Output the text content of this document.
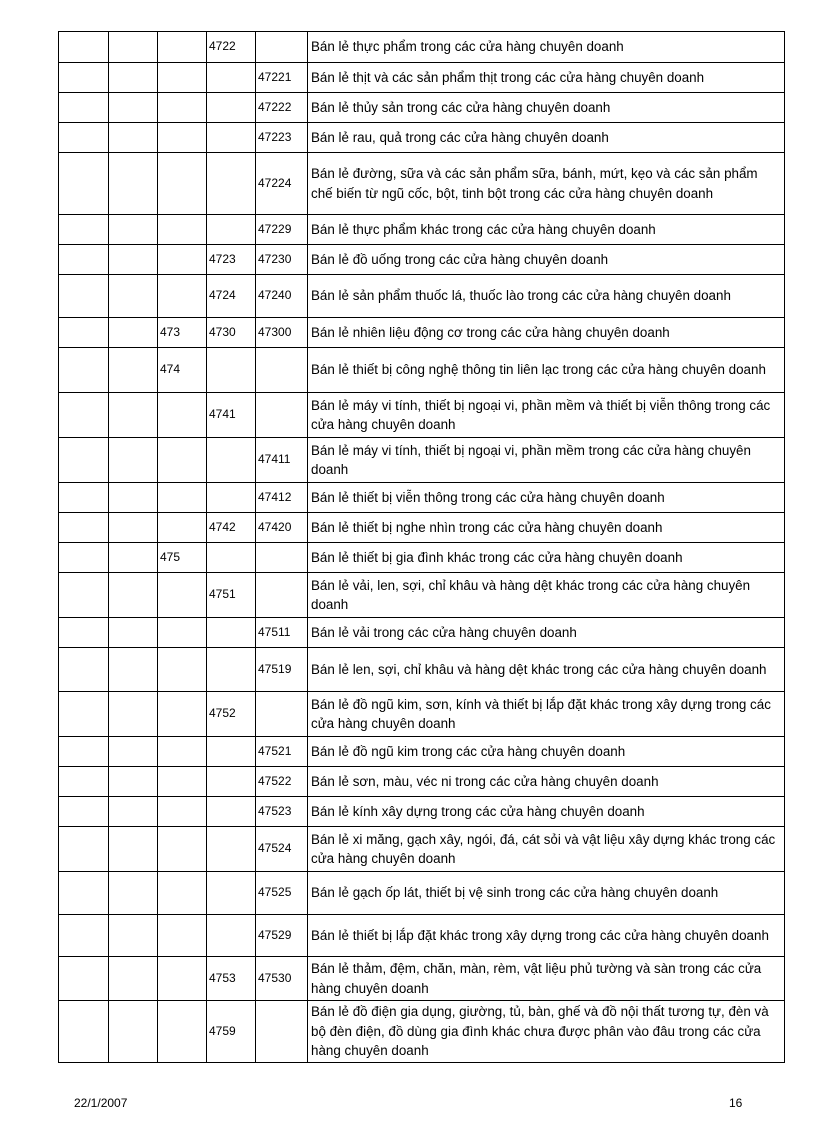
			4722		Bán lẻ thực phẩm trong các cửa hàng chuyên doanh
				47221	Bán lẻ thịt và các sản phẩm thịt trong các cửa hàng chuyên doanh
				47222	Bán lẻ thủy sản trong các cửa hàng chuyên doanh
				47223	Bán lẻ rau, quả trong các cửa hàng chuyên doanh
				47224	Bán lẻ đường, sữa và các sản phẩm sữa, bánh, mứt, kẹo và các sản phẩm chế biến từ ngũ cốc, bột, tinh bột trong các cửa hàng chuyên doanh
				47229	Bán lẻ thực phẩm khác trong các cửa hàng chuyên doanh
			4723	47230	Bán lẻ đồ uống trong các cửa hàng chuyên doanh
			4724	47240	Bán lẻ sản phẩm thuốc lá, thuốc lào trong các cửa hàng chuyên doanh
		473	4730	47300	Bán lẻ nhiên liệu động cơ trong các cửa hàng chuyên doanh
		474			Bán lẻ thiết bị công nghệ thông tin liên lạc trong các cửa hàng chuyên doanh
			4741		Bán lẻ máy vi tính, thiết bị ngoại vi, phần mềm và thiết bị viễn thông trong các cửa hàng chuyên doanh
				47411	Bán lẻ máy vi tính, thiết bị ngoại vi, phần mềm trong các cửa hàng chuyên doanh
				47412	Bán lẻ thiết bị viễn thông trong các cửa hàng chuyên doanh
			4742	47420	Bán lẻ thiết bị nghe nhìn trong các cửa hàng chuyên doanh
		475			Bán lẻ thiết bị gia đình khác trong các cửa hàng chuyên doanh
			4751		Bán lẻ vải, len, sợi, chỉ khâu và hàng dệt khác trong các cửa hàng chuyên doanh
				47511	Bán lẻ vải trong các cửa hàng chuyên doanh
				47519	Bán lẻ len, sợi, chỉ khâu và hàng dệt khác trong các cửa hàng chuyên doanh
			4752		Bán lẻ đồ ngũ kim, sơn, kính và thiết bị lắp đặt khác trong xây dựng trong các cửa hàng chuyên doanh
				47521	Bán lẻ đồ ngũ kim trong các cửa hàng chuyên doanh
				47522	Bán lẻ sơn, màu, véc ni trong các cửa hàng chuyên doanh
				47523	Bán lẻ kính xây dựng trong các cửa hàng chuyên doanh
				47524	Bán lẻ xi măng, gạch xây, ngói, đá, cát sỏi và vật liệu xây dựng khác trong các cửa hàng chuyên doanh
				47525	Bán lẻ gạch ốp lát, thiết bị vệ sinh trong các cửa hàng chuyên doanh
				47529	Bán lẻ thiết bị lắp đặt khác trong xây dựng trong các cửa hàng chuyên doanh
			4753	47530	Bán lẻ thảm, đệm, chăn, màn, rèm, vật liệu phủ tường và sàn trong các cửa hàng chuyên doanh
			4759		Bán lẻ đồ điện gia dụng, giường, tủ, bàn, ghế và đồ nội thất tương tự, đèn và bộ đèn điện, đồ dùng gia đình khác chưa được phân vào đâu trong các cửa hàng chuyên doanh
22/1/2007	16
